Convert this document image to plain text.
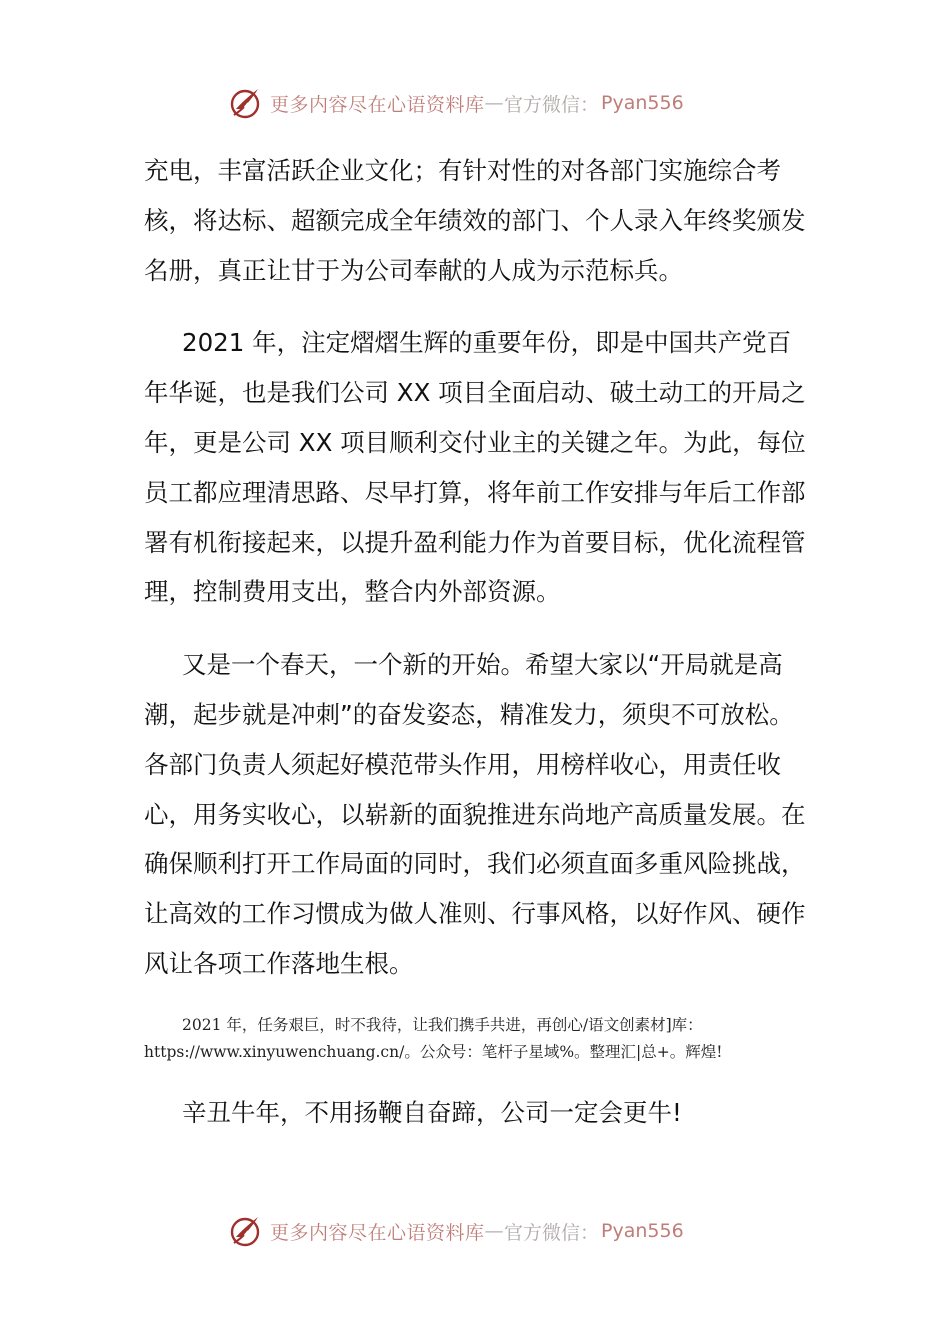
更多内容尽在心语资料库 — 官方微信： Pyan556

充电，丰富活跃企业文化；有针对性的对各部门实施综合考核，将达标、超额完成全年绩效的部门、个人录入年终奖颁发名册，真正让甘于为公司奉献的人成为示范标兵。

2021 年，注定熠熠生辉的重要年份，即是中国共产党百年华诞，也是我们公司 XX 项目全面启动、破土动工的开局之年，更是公司 XX 项目顺利交付业主的关键之年。为此，每位员工都应理清思路、尽早打算，将年前工作安排与年后工作部署有机衔接起来，以提升盈利能力作为首要目标，优化流程管理，控制费用支出，整合内外部资源。

又是一个春天，一个新的开始。希望大家以“开局就是高潮，起步就是冲刺”的奋发姿态，精准发力，须臾不可放松。各部门负责人须起好模范带头作用，用榜样收心，用责任收心，用务实收心，以崭新的面貌推进东尚地产高质量发展。在确保顺利打开工作局面的同时，我们必须直面多重风险挑战，让高效的工作习惯成为做人准则、行事风格，以好作风、硬作风让各项工作落地生根。

2021 年，任务艰巨，时不我待，让我们携手共进，再创心/语文创素材]库：
https://www.xinyuwenchuang.cn/。公众号：笔杆子星域%。整理汇|总+。辉煌!

辛丑牛年，不用扬鞭自奋蹄，公司一定会更牛!

更多内容尽在心语资料库 — 官方微信： Pyan556
